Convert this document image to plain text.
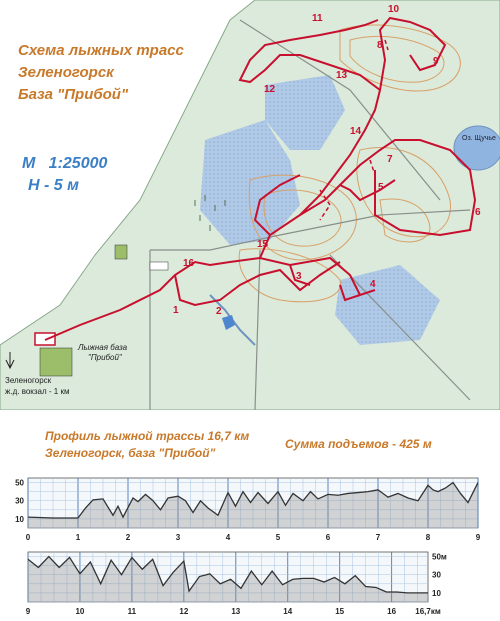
1	2
3
4
5
6
7
8
9
10
11
12
13
14
15
16
Оз. Щучье
Лыжная база
"Прибой"
Зеленогорск
ж.д. вокзал - 1 км
Схема лыжных трасс
Зеленогорск
База "Прибой"
М   1:25000
Н - 5 м
Профиль лыжной трассы 16,7 км
Зеленогорск, база "Прибой"
Сумма подъемов - 425 м
0	1	2	3	4	5	6	7	8	9
10
30
50
9	10	11	12	13	14	15	16 16,7км
10
30
50м
